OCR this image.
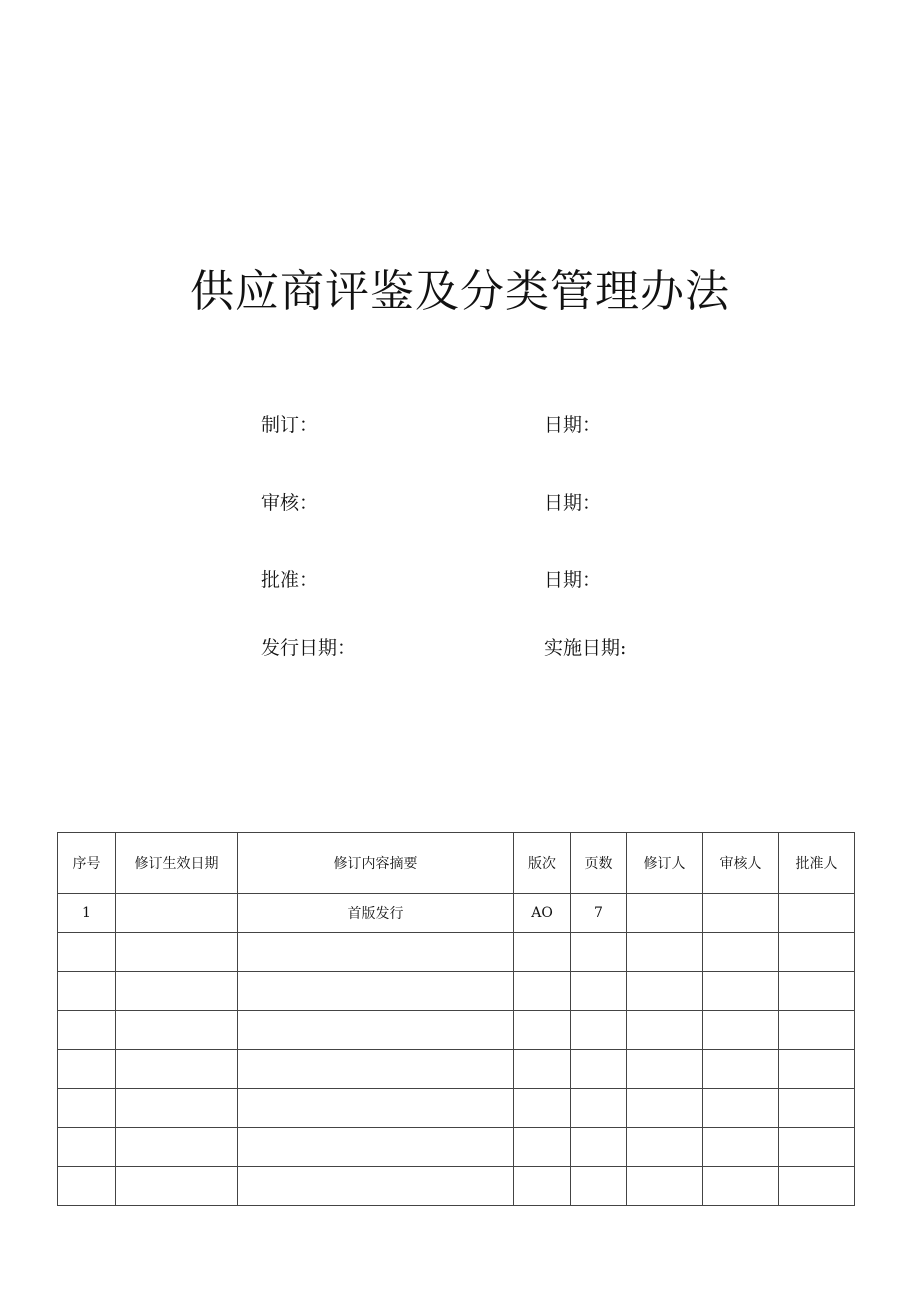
供应商评鉴及分类管理办法
制订：	日期：
审核：	日期：
批准：	日期：
发行日期：	实施日期:
序号	修订生效日期	修订内容摘要	版次	页数	修订人	审核人	批准人
1		首版发行	AO	7			
